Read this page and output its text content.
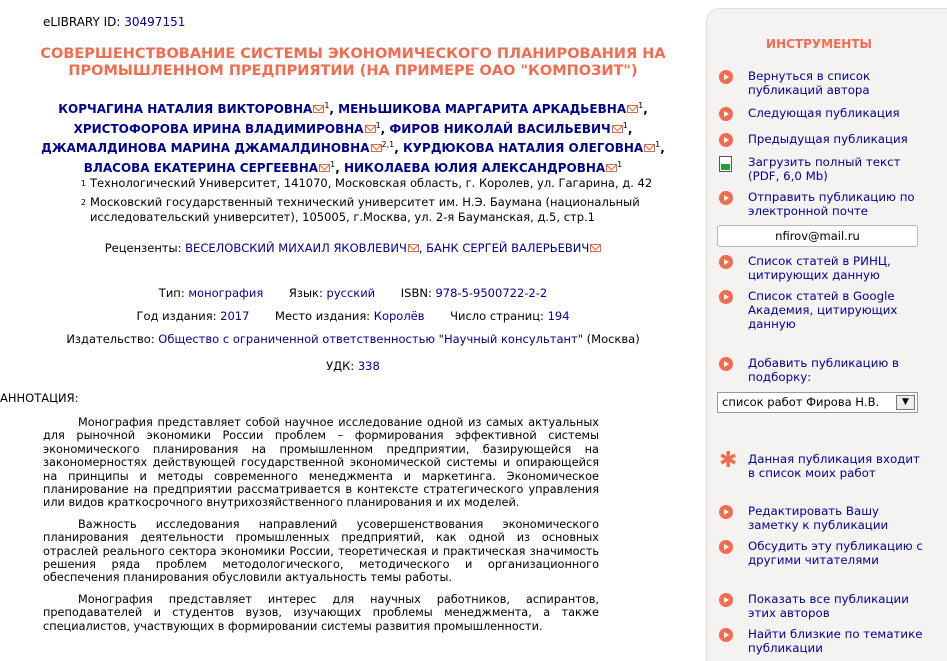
eLIBRARY ID: 30497151
СОВЕРШЕНСТВОВАНИЕ СИСТЕМЫ ЭКОНОМИЧЕСКОГО ПЛАНИРОВАНИЯ НА
ПРОМЫШЛЕННОМ ПРЕДПРИЯТИИ (НА ПРИМЕРЕ ОАО "КОМПОЗИТ")
КОРЧАГИНА НАТАЛИЯ ВИКТОРОВНА $^1$, МЕНЬШИКОВА МАРГАРИТА АРКАДЬЕВНА $^1$,
ХРИСТОФОРОВА ИРИНА ВЛАДИМИРОВНА $^1$, ФИРОВ НИКОЛАЙ ВАСИЛЬЕВИЧ $^1$,
ДЖАМАЛДИНОВА МАРИНА ДЖАМАЛДИНОВНА $^{2,1}$, КУРДЮКОВА НАТАЛИЯ ОЛЕГОВНА $^1$,
ВЛАСОВА ЕКАТЕРИНА СЕРГЕЕВНА $^1$, НИКОЛАЕВА ЮЛИЯ АЛЕКСАНДРОВНА $^1$
$^1$ Технологический Университет, 141070, Московская область, г. Королев, ул. Гагарина, д. 42
$^2$ Московский государственный технический университет им. Н.Э. Баумана (национальный исследовательский университет), 105005, г.Москва, ул. 2-я Бауманская, д.5, стр.1
Рецензенты: ВЕСЕЛОВСКИЙ МИХАИЛ ЯКОВЛЕВИЧ , БАНК СЕРГЕЙ ВАЛЕРЬЕВИЧ
Тип: монография Язык: русский ISBN: 978-5-9500722-2-2
Год издания: 2017 Место издания: Королёв Число страниц: 194
Издательство: Общество с ограниченной ответственностью "Научный консультант" (Москва)
УДК: 338
АННОТАЦИЯ:

Монография представляет собой научное исследование одной из самых актуальных для рыночной экономики России проблем – формирования эффективной системы экономического планирования на промышленном предприятии, базирующейся на закономерностях действующей государственной экономической системы и опирающейся на принципы и методы современного менеджмента и маркетинга. Экономическое планирование на предприятии рассматривается в контексте стратегического управления или видов краткосрочного внутрихозяйственного планирования и их моделей.

Важность исследования направлений усовершенствования экономического планирования деятельности промышленных предприятий, как одной из основных отраслей реального сектора экономики России, теоретическая и практическая значимость решения ряда проблем методологического, методического и организационного обеспечения планирования обусловили актуальность темы работы.

Монография представляет интерес для научных работников, аспирантов, преподавателей и студентов вузов, изучающих проблемы менеджмента, а также специалистов, участвующих в формировании системы развития промышленности.

ИНСТРУМЕНТЫ
Вернуться в список публикаций автора
Следующая публикация
Предыдущая публикация
Загрузить полный текст (PDF, 6,0 Mb)
Отправить публикацию по электронной почте
nfirov@mail.ru
Список статей в РИНЦ, цитирующих данную
Список статей в Google Академия, цитирующих данную
Добавить публикацию в подборку:
список работ Фирова Н.В.	▼
✱ Данная публикация входит в список моих работ
Редактировать Вашу заметку к публикации
Обсудить эту публикацию с другими читателями
Показать все публикации этих авторов
Найти близкие по тематике публикации
